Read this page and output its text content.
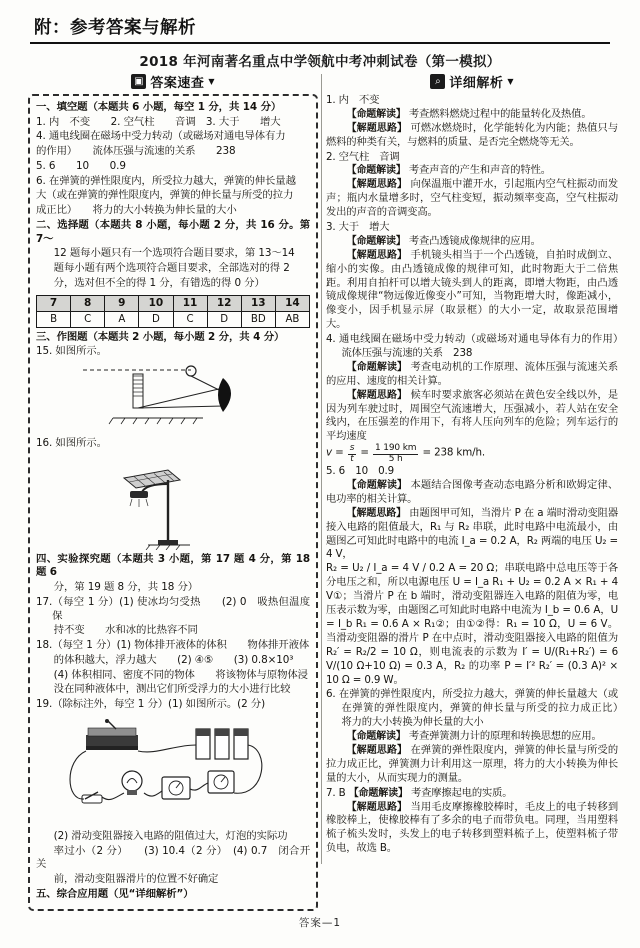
附：参考答案与解析
2018 年河南著名重点中学领航中考冲刺试卷（第一模拟）
▣ 答案速查 ▼

一、填空题（本题共 6 小题，每空 1 分，共 14 分）

1. 内　不变　　2. 空气柱　　音调　3. 大于　　增大

4. 通电线圈在磁场中受力转动（或磁场对通电导体有力

的作用）　　流体压强与流速的关系　　238

5. 6　　10　　0.9

6. 在弹簧的弹性限度内，所受拉力越大，弹簧的伸长量越

大（或在弹簧的弹性限度内，弹簧的伸长量与所受的拉力

成正比）　　将力的大小转换为伸长量的大小

二、选择题（本题共 8 小题，每小题 2 分，共 16 分。第 7～

12 题每小题只有一个选项符合题目要求，第 13～14

题每小题有两个选项符合题目要求，全部选对的得 2

分，选对但不全的得 1 分，有错选的得 0 分）

7	8	9	10	11	12	13	14
B	C	A	D	C	D	BD	AB

三、作图题（本题共 2 小题，每小题 2 分，共 4 分）

15. 如图所示。

16. 如图所示。

四、实验探究题（本题共 3 小题，第 17 题 4 分，第 18 题 6

分，第 19 题 8 分，共 18 分）

17.（每空 1 分）(1) 使冰均匀受热　　(2) 0　吸热但温度保

持不变　　水和冰的比热容不同

18.（每空 1 分）(1) 物体排开液体的体积　　物体排开液体

的体积越大，浮力越大　　(2) ④⑤　　(3) 0.8×10³

(4) 体积相同、密度不同的物体　　将该物体与原物体浸

没在同种液体中，测出它们所受浮力的大小进行比较

19.（除标注外，每空 1 分）(1) 如图所示。(2 分)

(2) 滑动变阻器接入电路的阻值过大，灯泡的实际功

率过小（2 分）　　(3) 10.4（2 分）　(4) 0.7　闭合开关

前，滑动变阻器滑片的位置不好确定

五、综合应用题（见“详细解析”）

⌕ 详细解析 ▼

1. 内　不变

【命题解读】 考查燃料燃烧过程中的能量转化及热值。

【解题思路】 可燃冰燃烧时，化学能转化为内能；热值只与燃料的种类有关，与燃料的质量、是否完全燃烧等无关。

2. 空气柱　音调

【命题解读】 考查声音的产生和声音的特性。

【解题思路】 向保温瓶中灌开水，引起瓶内空气柱振动而发声；瓶内水量增多时，空气柱变短，振动频率变高，空气柱振动发出的声音的音调变高。

3. 大于　增大

【命题解读】 考查凸透镜成像规律的应用。

【解题思路】 手机镜头相当于一个凸透镜，自拍时成倒立、缩小的实像。由凸透镜成像的规律可知，此时物距大于二倍焦距。利用自拍杆可以增大镜头到人的距离，即增大物距，由凸透镜成像规律“物远像近像变小”可知，当物距增大时，像距减小，像变小，因手机显示屏（取景框）的大小一定，故取景范围增大。

4. 通电线圈在磁场中受力转动（或磁场对通电导体有力的作用）　流体压强与流速的关系　238

【命题解读】 考查电动机的工作原理、流体压强与流速关系的应用、速度的相关计算。

【解题思路】 候车时要求旅客必须站在黄色安全线以外，是因为列车驶过时，周围空气流速增大，压强减小，若人站在安全线内，在压强差的作用下，有将人压向列车的危险；列车运行的平均速度

$v = \frac{s}{t} = \frac{1 190 km}{5 h} = 238$ km/h.

5. 6　10　0.9

【命题解读】 本题结合图像考查动态电路分析和欧姆定律、电功率的相关计算。

【解题思路】 由题图甲可知，当滑片 P 在 a 端时滑动变阻器接入电路的阻值最大，R₁ 与 R₂ 串联，此时电路中电流最小，由题图乙可知此时电路中的电流 I_a = 0.2 A，R₂ 两端的电压 U₂ = 4 V，

R₂ = U₂ / I_a = 4 V / 0.2 A = 20 Ω；串联电路中总电压等于各分电压之和，所以电源电压 U = I_a R₁ + U₂ = 0.2 A × R₁ + 4 V①；当滑片 P 在 b 端时，滑动变阻器连入电路的阻值为零，电压表示数为零，由题图乙可知此时电路中电流为 I_b = 0.6 A，U = I_b R₁ = 0.6 A × R₁②；由①②得：R₁ = 10 Ω，U = 6 V。当滑动变阻器的滑片 P 在中点时，滑动变阻器接入电路的阻值为 R₂′ = R₂/2 = 10 Ω，则电流表的示数为 I′ = U/(R₁+R₂′) = 6 V/(10 Ω+10 Ω) = 0.3 A，R₂ 的功率 P = I′² R₂′ = (0.3 A)² × 10 Ω = 0.9 W。

6. 在弹簧的弹性限度内，所受拉力越大，弹簧的伸长量越大（或在弹簧的弹性限度内，弹簧的伸长量与所受的拉力成正比）　将力的大小转换为伸长量的大小

【命题解读】 考查弹簧测力计的原理和转换思想的应用。

【解题思路】 在弹簧的弹性限度内，弹簧的伸长量与所受的拉力成正比，弹簧测力计利用这一原理，将力的大小转换为伸长量的大小，从而实现力的测量。

7. B 【命题解读】 考查摩擦起电的实质。

【解题思路】 当用毛皮摩擦橡胶棒时，毛皮上的电子转移到橡胶棒上，使橡胶棒有了多余的电子而带负电。同理，当用塑料梳子梳头发时，头发上的电子转移到塑料梳子上，使塑料梳子带负电，故选 B。

答案—1
